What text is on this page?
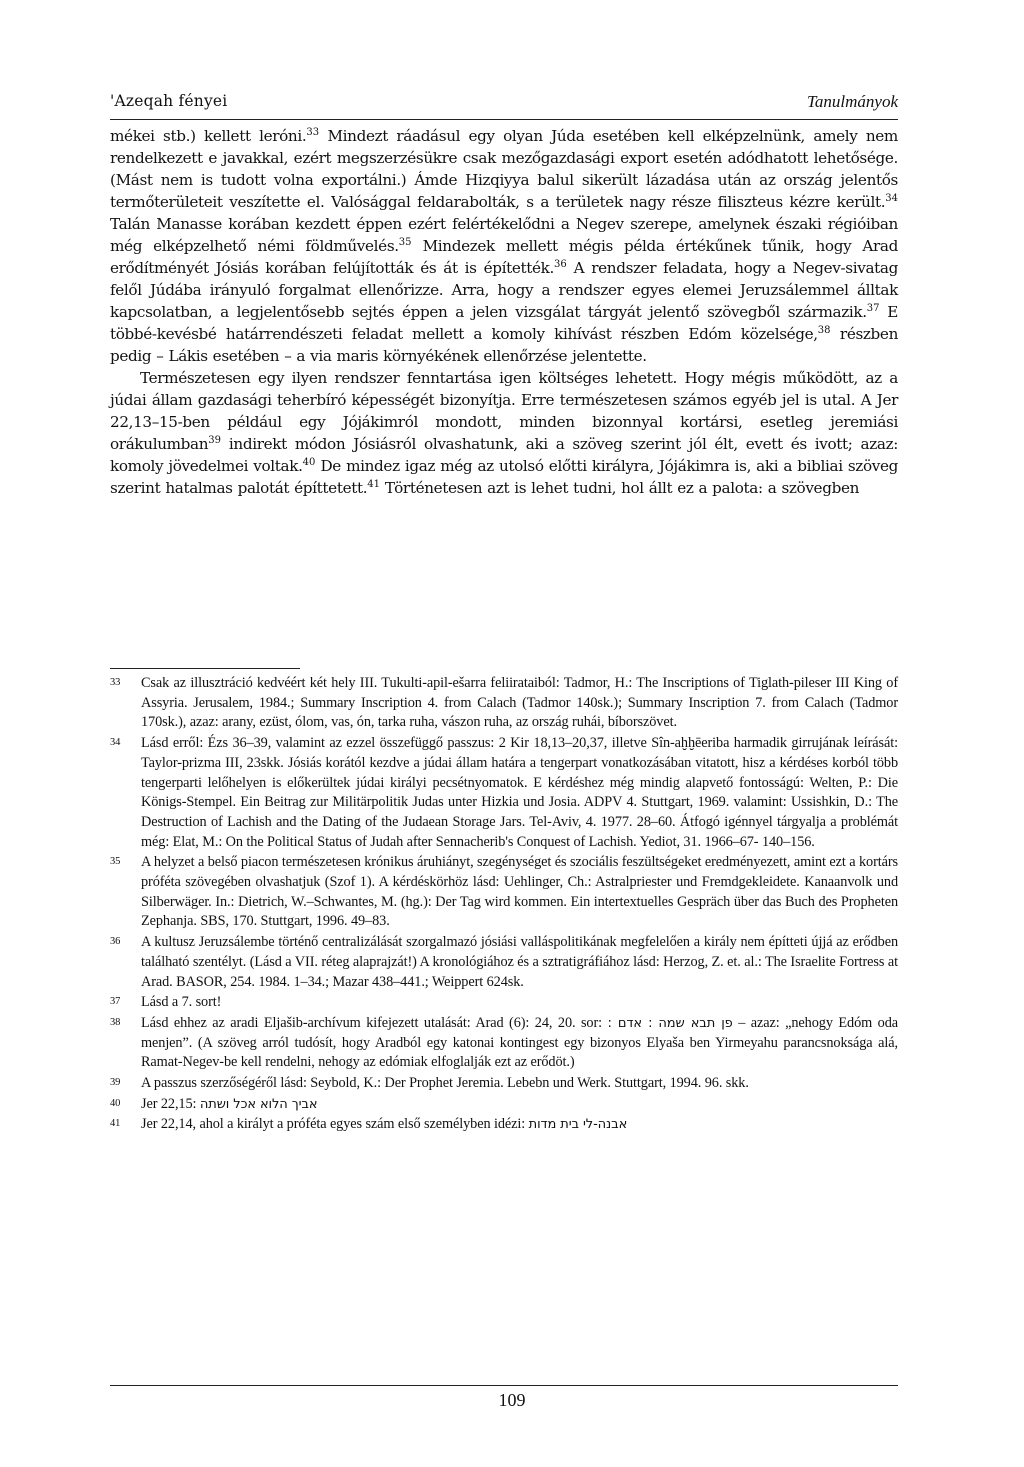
'Azeqah fényei	Tanulmányok

mékei stb.) kellett leróni.$^{33}$ Mindezt ráadásul egy olyan Júda esetében kell elképzelnünk, amely nem rendelkezett e javakkal, ezért megszerzésükre csak mezőgazdasági export esetén adódhatott lehetősége. (Mást nem is tudott volna exportálni.) Ámde Hizqiyya balul sikerült lázadása után az ország jelentős termőterületeit veszítette el. Valósággal feldarabolták, s a területek nagy része filiszteus kézre került.$^{34}$ Talán Manasse korában kezdett éppen ezért felértékelődni a Negev szerepe, amelynek északi régióiban még elképzelhető némi földművelés.$^{35}$ Mindezek mellett mégis példa értékűnek tűnik, hogy Arad erődítményét Jósiás korában felújították és át is építették.$^{36}$ A rendszer feladata, hogy a Negev-sivatag felől Júdába irányuló forgalmat ellenőrizze. Arra, hogy a rendszer egyes elemei Jeruzsálemmel álltak kapcsolatban, a legjelentősebb sejtés éppen a jelen vizsgálat tárgyát jelentő szövegből származik.$^{37}$ E többé-kevésbé határrendészeti feladat mellett a komoly kihívást részben Edóm közelsége,$^{38}$ részben pedig – Lákis esetében – a via maris környékének ellenőrzése jelentette.

Természetesen egy ilyen rendszer fenntartása igen költséges lehetett. Hogy mégis működött, az a júdai állam gazdasági teherbíró képességét bizonyítja. Erre természetesen számos egyéb jel is utal. A Jer 22,13–15-ben például egy Jójákimról mondott, minden bizonnyal kortársi, esetleg jeremiási orákulumban$^{39}$ indirekt módon Jósiásról olvashatunk, aki a szöveg szerint jól élt, evett és ivott; azaz: komoly jövedelmei voltak.$^{40}$ De mindez igaz még az utolsó előtti királyra, Jójákimra is, aki a bibliai szöveg szerint hatalmas palotát építtetett.$^{41}$ Történetesen azt is lehet tudni, hol állt ez a palota: a szövegben

33 Csak az illusztráció kedvéért két hely III. Tukulti-apil-ešarra feliirataiból: Tadmor, H.: The Inscriptions of Tiglath-pileser III King of Assyria. Jerusalem, 1984.; Summary Inscription 4. from Calach (Tadmor 140sk.); Summary Inscription 7. from Calach (Tadmor 170sk.), azaz: arany, ezüst, ólom, vas, ón, tarka ruha, vászon ruha, az ország ruhái, bíborszövet.
34 Lásd erről: Ézs 36–39, valamint az ezzel összefüggő passzus: 2 Kir 18,13–20,37, illetve Sîn-aḫḫēeriba harmadik girrujának leírását: Taylor-prizma III, 23skk. Jósiás korától kezdve a júdai állam határa a tengerpart vonatkozásában vitatott, hisz a kérdéses korból több tengerparti lelőhelyen is előkerültek júdai királyi pecsétnyomatok. E kérdéshez még mindig alapvető fontosságú: Welten, P.: Die Königs-Stempel. Ein Beitrag zur Militärpolitik Judas unter Hizkia und Josia. ADPV 4. Stuttgart, 1969. valamint: Ussishkin, D.: The Destruction of Lachish and the Dating of the Judaean Storage Jars. Tel-Aviv, 4. 1977. 28–60. Átfogó igénnyel tárgyalja a problémát még: Elat, M.: On the Political Status of Judah after Sennacherib's Conquest of Lachish. Yediot, 31. 1966–67- 140–156.
35 A helyzet a belső piacon természetesen krónikus áruhiányt, szegénységet és szociális feszültségeket eredményezett, amint ezt a kortárs próféta szövegében olvashatjuk (Szof 1). A kérdéskörhöz lásd: Uehlinger, Ch.: Astralpriester und Fremdgekleidete. Kanaanvolk und Silberwäger. In.: Dietrich, W.–Schwantes, M. (hg.): Der Tag wird kommen. Ein intertextuelles Gespräch über das Buch des Propheten Zephanja. SBS, 170. Stuttgart, 1996. 49–83.
36 A kultusz Jeruzsálembe történő centralizálását szorgalmazó jósiási valláspolitikának megfelelően a király nem építteti újjá az erődben található szentélyt. (Lásd a VII. réteg alaprajzát!) A kronológiához és a sztratigráfiához lásd: Herzog, Z. et. al.: The Israelite Fortress at Arad. BASOR, 254. 1984. 1–34.; Mazar 438–441.; Weippert 624sk.
37 Lásd a 7. sort!
38 Lásd ehhez az aradi Eljašib-archívum kifejezett utalását: Arad (6): 24, 20. sor: פן תבא שמה : אדם : – azaz: „nehogy Edóm oda menjen”. (A szöveg arról tudósít, hogy Aradból egy katonai kontingest egy bizonyos Elyaša ben Yirmeyahu parancsnoksága alá, Ramat-Negev-be kell rendelni, nehogy az edómiak elfoglalják ezt az erődöt.)
39 A passzus szerzőségéről lásd: Seybold, K.: Der Prophet Jeremia. Lebebn und Werk. Stuttgart, 1994. 96. skk.
40 Jer 22,15: אביך הלוא אכל ושתה
41 Jer 22,14, ahol a királyt a próféta egyes szám első személyben idézi: אבנה-לי בית מדות
109
